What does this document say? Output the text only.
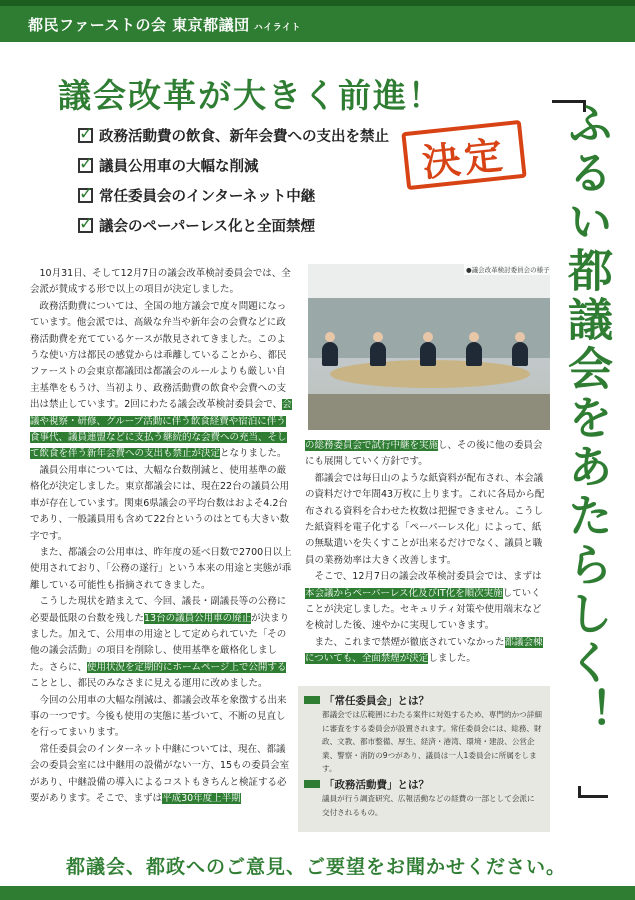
都民ファーストの会 東京都議団 ハイライト
議会改革が大きく前進！
✓
政務活動費の飲食、新年会費への支出を禁止
✓
議員公用車の大幅な削減
✓
常任委員会のインターネット中継
✓
議会のペーパーレス化と全面禁煙
決定	ふるい都議会をあたらしく！
●議会改革検討委員会の様子

10月31日、そして12月7日の議会改革検討委員会では、全会派が賛成する形で以上の項目が決定しました。

政務活動費については、全国の地方議会で度々問題になっています。他会派では、高級な弁当や新年会の会費などに政務活動費を充てているケースが散見されてきました。このような使い方は都民の感覚からは乖離していることから、都民ファーストの会東京都議団は都議会のルールよりも厳しい自主基準をもうけ、当初より、政務活動費の飲食や会費への支出は禁止しています。2回にわたる議会改革検討委員会で、会議や視察・研修、グループ活動に伴う飲食経費や宿泊に伴う食事代、議員連盟などに支払う継続的な会費への充当、そして飲食を伴う新年会費への支出も禁止が決定となりました。

議員公用車については、大幅な台数削減と、使用基準の厳格化が決定しました。東京都議会には、現在22台の議員公用車が存在しています。関東6県議会の平均台数はおよそ4.2台であり、一般議員用も含めて22台というのはとても大きい数字です。

また、都議会の公用車は、昨年度の延べ日数で2700日以上使用されており、「公務の遂行」という本来の用途と実態が乖離している可能性も指摘されてきました。

こうした現状を踏まえて、今回、議長・副議長等の公務に必要最低限の台数を残した13台の議員公用車の廃止が決まりました。加えて、公用車の用途として定められていた「その他の議会活動」の項目を削除し、使用基準を厳格化しました。さらに、使用状況を定期的にホームページ上で公開することとし、都民のみなさまに見える運用に改めました。

今回の公用車の大幅な削減は、都議会改革を象徴する出来事の一つです。今後も使用の実態に基づいて、不断の見直しを行ってまいります。

常任委員会のインターネット中継については、現在、都議会の委員会室には中継用の設備がない一方、15もの委員会室があり、中継設備の導入によるコストもきちんと検証する必要があります。そこで、まずは平成30年度上半期

の総務委員会で試行中継を実施し、その後に他の委員会にも展開していく方針です。

都議会では毎日山のような紙資料が配布され、本会議の資料だけで年間43万枚に上ります。これに各局から配布される資料を合わせた枚数は把握できません。こうした紙資料を電子化する「ペーパーレス化」によって、紙の無駄遣いを失くすことが出来るだけでなく、議員と職員の業務効率は大きく改善します。

そこで、12月7日の議会改革検討委員会では、まずは本会議からペーパーレス化及びIT化を順次実施していくことが決定しました。セキュリティ対策や使用端末などを検討した後、速やかに実現していきます。

また、これまで禁煙が徹底されていなかった都議会棟についても、全面禁煙が決定しました。

「常任委員会」とは？
都議会では広範囲にわたる案件に対処するため、専門的かつ詳細に審査をする委員会が設置されます。常任委員会には、総務、財政、文教、都市整備、厚生、経済・港湾、環境・建設、公営企業、警察・消防の9つがあり、議員は一人1委員会に所属をします。
「政務活動費」とは？
議員が行う調査研究、広報活動などの経費の一部として会派に交付されるもの。
都議会、都政へのご意見、ご要望をお聞かせください。
